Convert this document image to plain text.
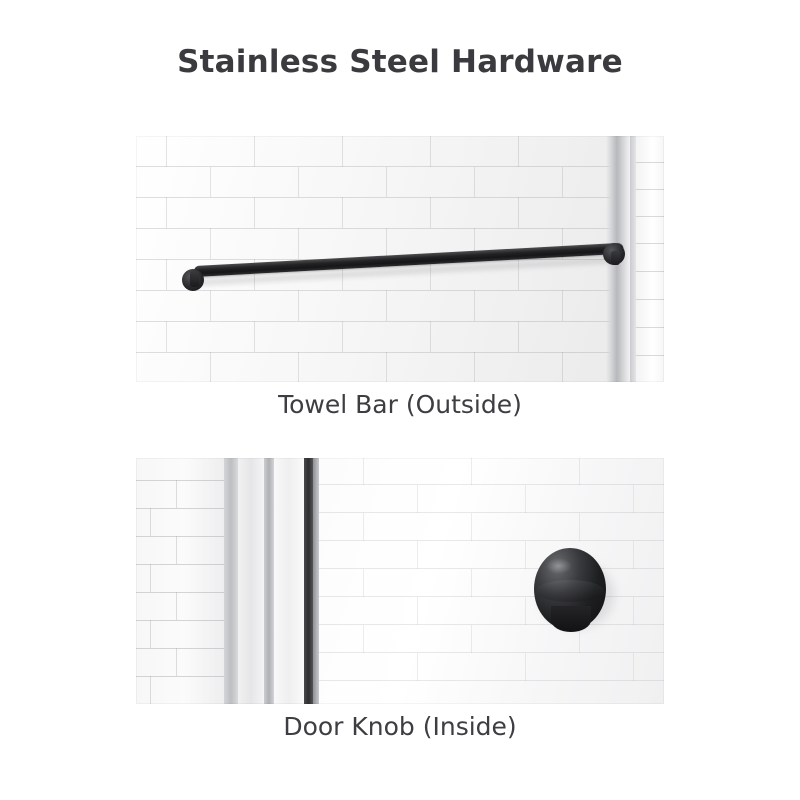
Stainless Steel Hardware
Towel Bar (Outside)
Door Knob (Inside)
